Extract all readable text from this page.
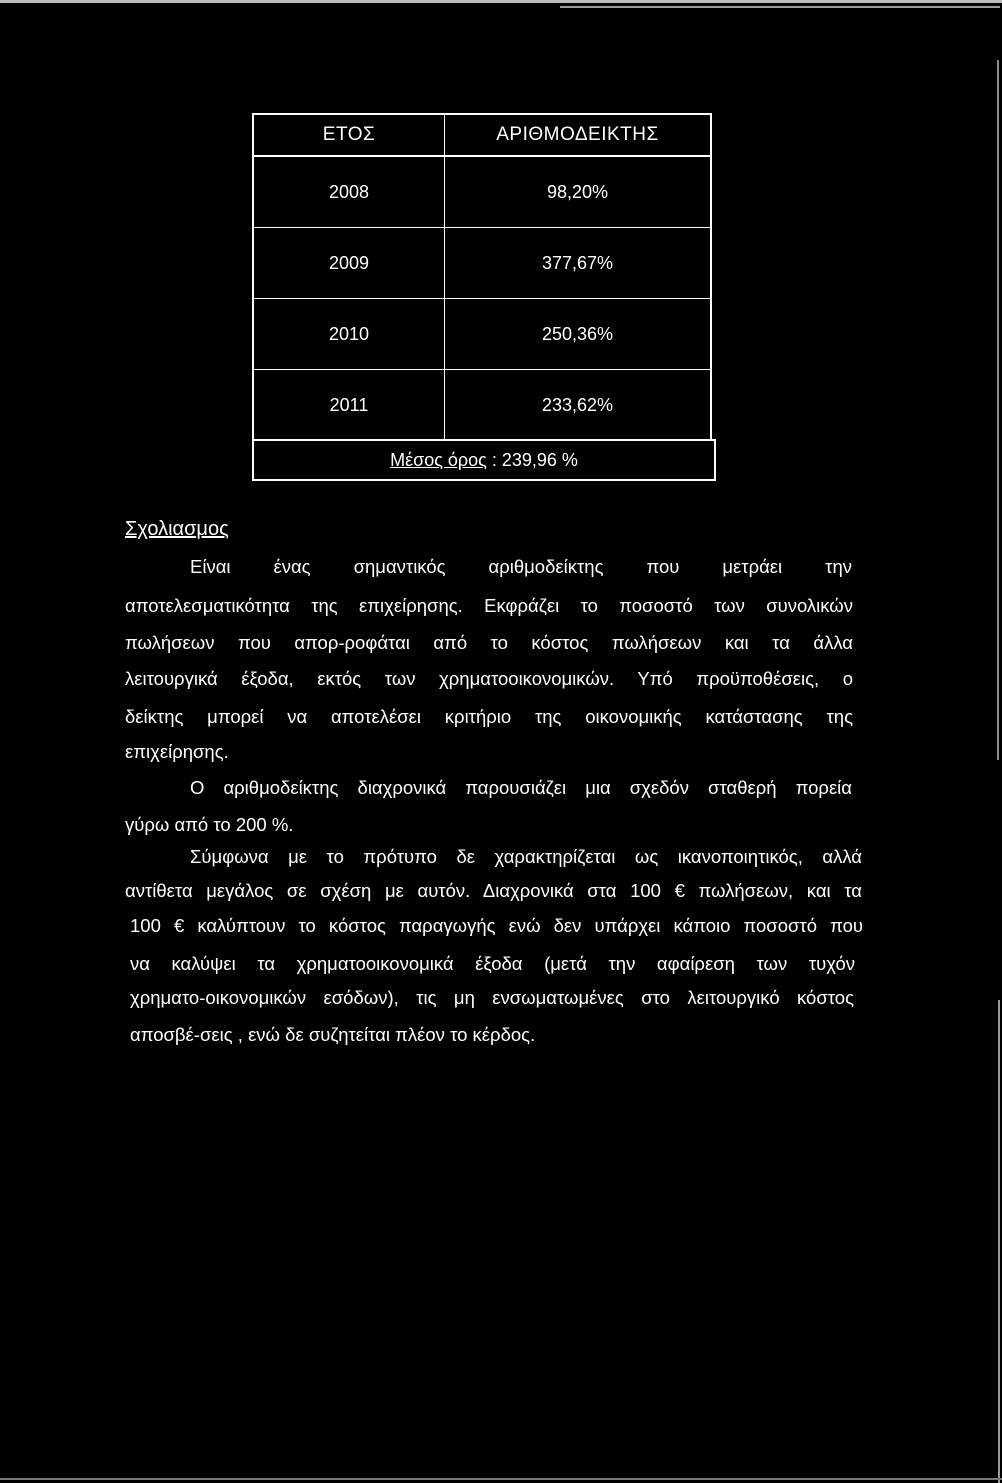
ΕΤΟΣ	ΑΡΙΘΜΟΔΕΙΚΤΗΣ
2008	98,20%
2009	377,67%
2010	250,36%
2011	233,62%
Μέσος όρος : 239,96 %
Σχολιασμος
Είναι ένας σημαντικός αριθμοδείκτης που μετράει την
αποτελεσματικότητα της επιχείρησης. Εκφράζει το ποσοστό των συνολικών
πωλήσεων που απορ-ροφάται από το κόστος πωλήσεων και τα άλλα
λειτουργικά έξοδα, εκτός των χρηματοοικονομικών. Υπό προϋποθέσεις, ο
δείκτης μπορεί να αποτελέσει κριτήριο της οικονομικής κατάστασης της
επιχείρησης.
Ο αριθμοδείκτης διαχρονικά παρουσιάζει μια σχεδόν σταθερή πορεία
γύρω από το 200 %.
Σύμφωνα με το πρότυπο δε χαρακτηρίζεται ως ικανοποιητικός, αλλά
αντίθετα μεγάλος σε σχέση με αυτόν. Διαχρονικά στα 100 € πωλήσεων, και τα
100 € καλύπτουν το κόστος παραγωγής ενώ δεν υπάρχει κάποιο ποσοστό που
να καλύψει τα χρηματοοικονομικά έξοδα (μετά την αφαίρεση των τυχόν
χρηματο-οικονομικών εσόδων), τις μη ενσωματωμένες στο λειτουργικό κόστος
αποσβέ-σεις , ενώ δε συζητείται πλέον το κέρδος.
